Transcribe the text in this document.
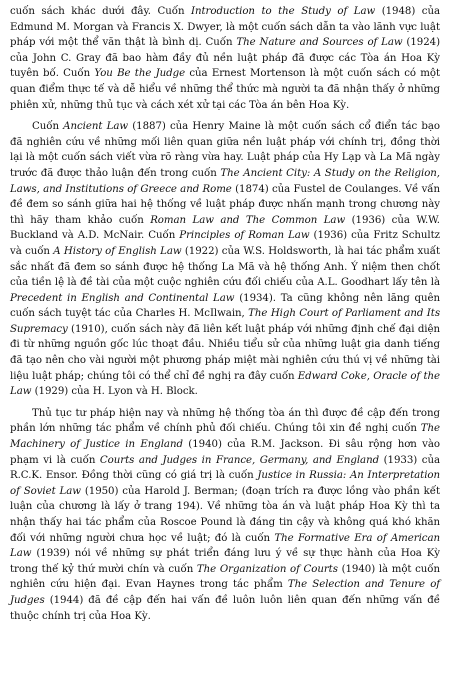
cuốn sách khác dưới đây. Cuốn Introduction to the Study of Law (1948) của Edmund M. Morgan và Francis X. Dwyer, là một cuốn sách dẫn ta vào lãnh vực luật pháp với một thể văn thật là bình dị. Cuốn The Nature and Sources of Law (1924) của John C. Gray đã bao hàm đầy đủ nền luật pháp đã được các Tòa án Hoa Kỳ tuyên bố. Cuốn You Be the Judge của Ernest Mortenson là một cuốn sách có một quan điểm thực tế và dễ hiểu về những thể thức mà người ta đã nhận thấy ở những phiên xử, những thủ tục và cách xét xử tại các Tòa án bên Hoa Kỳ.

Cuốn Ancient Law (1887) của Henry Maine là một cuốn sách cổ điển tác bạo đã nghiên cứu về những mối liên quan giữa nền luật pháp với chính trị, đồng thời lại là một cuốn sách viết vừa rõ ràng vừa hay. Luật pháp của Hy Lạp và La Mã ngày trước đã được thảo luận đến trong cuốn The Ancient City: A Study on the Religion, Laws, and Institutions of Greece and Rome (1874) của Fustel de Coulanges. Về vấn đề đem so sánh giữa hai hệ thống về luật pháp được nhấn mạnh trong chương này thì hãy tham khảo cuốn Roman Law and The Common Law (1936) của W.W. Buckland và A.D. McNair. Cuốn Principles of Roman Law (1936) của Fritz Schultz và cuốn A History of English Law (1922) của W.S. Holdsworth, là hai tác phẩm xuất sắc nhất đã đem so sánh được hệ thống La Mã và hệ thống Anh. Ý niệm then chốt của tiền lệ là đề tài của một cuộc nghiên cứu đối chiếu của A.L. Goodhart lấy tên là Precedent in English and Continental Law (1934). Ta cũng không nên lãng quên cuốn sách tuyệt tác của Charles H. McIlwain, The High Court of Parliament and Its Supremacy (1910), cuốn sách này đã liên kết luật pháp với những định chế đại diện đi từ những nguồn gốc lúc thoạt đầu. Nhiều tiểu sử của những luật gia danh tiếng đã tạo nên cho vài người một phương pháp miệt mài nghiên cứu thú vị về những tài liệu luật pháp; chúng tôi có thể chỉ đề nghị ra đây cuốn Edward Coke, Oracle of the Law (1929) của H. Lyon và H. Block.

Thủ tục tư pháp hiện nay và những hệ thống tòa án thì được đề cập đến trong phần lớn những tác phẩm về chính phủ đối chiếu. Chúng tôi xin đề nghị cuốn The Machinery of Justice in England (1940) của R.M. Jackson. Đi sâu rộng hơn vào phạm vi là cuốn Courts and Judges in France, Germany, and England (1933) của R.C.K. Ensor. Đồng thời cũng có giá trị là cuốn Justice in Russia: An Interpretation of Soviet Law (1950) của Harold J. Berman; (đoạn trích ra được lồng vào phần kết luận của chương là lấy ở trang 194). Về những tòa án và luật pháp Hoa Kỳ thì ta nhận thấy hai tác phẩm của Roscoe Pound là đáng tin cậy và không quá khó khăn đối với những người chưa học về luật; đó là cuốn The Formative Era of American Law (1939) nói về những sự phát triển đáng lưu ý về sự thực hành của Hoa Kỳ trong thế kỷ thứ mười chín và cuốn The Organization of Courts (1940) là một cuốn nghiên cứu hiện đại. Evan Haynes trong tác phẩm The Selection and Tenure of Judges (1944) đã đề cập đến hai vấn đề luôn luôn liên quan đến những vấn đề thuộc chính trị của Hoa Kỳ.
